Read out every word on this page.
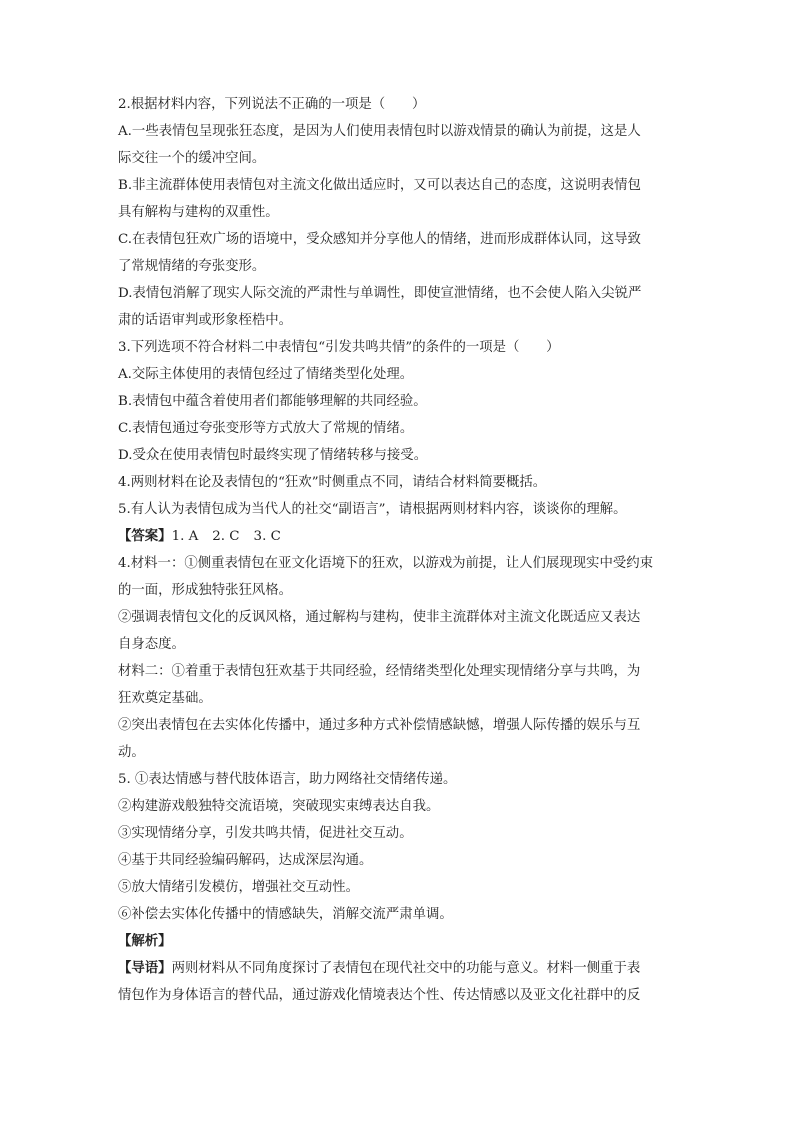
2.根据材料内容，下列说法不正确的一项是（　　）

A.一些表情包呈现张狂态度，是因为人们使用表情包时以游戏情景的确认为前提，这是人

际交往一个的缓冲空间。

B.非主流群体使用表情包对主流文化做出适应时，又可以表达自己的态度，这说明表情包

具有解构与建构的双重性。

C.在表情包狂欢广场的语境中，受众感知并分享他人的情绪，进而形成群体认同，这导致

了常规情绪的夸张变形。

D.表情包消解了现实人际交流的严肃性与单调性，即使宣泄情绪，也不会使人陷入尖锐严

肃的话语审判或形象桎梏中。

3.下列选项不符合材料二中表情包“引发共鸣共情”的条件的一项是（　　）

A.交际主体使用的表情包经过了情绪类型化处理。

B.表情包中蕴含着使用者们都能够理解的共同经验。

C.表情包通过夸张变形等方式放大了常规的情绪。

D.受众在使用表情包时最终实现了情绪转移与接受。

4.两则材料在论及表情包的“狂欢”时侧重点不同，请结合材料简要概括。

5.有人认为表情包成为当代人的社交“副语言”，请根据两则材料内容，谈谈你的理解。

【答案】1. A 2. C 3. C

4.材料一：①侧重表情包在亚文化语境下的狂欢，以游戏为前提，让人们展现现实中受约束

的一面，形成独特张狂风格。

②强调表情包文化的反讽风格，通过解构与建构，使非主流群体对主流文化既适应又表达

自身态度。

材料二：①着重于表情包狂欢基于共同经验，经情绪类型化处理实现情绪分享与共鸣，为

狂欢奠定基础。

②突出表情包在去实体化传播中，通过多种方式补偿情感缺憾，增强人际传播的娱乐与互

动。

5. ①表达情感与替代肢体语言，助力网络社交情绪传递。

②构建游戏般独特交流语境，突破现实束缚表达自我。

③实现情绪分享，引发共鸣共情，促进社交互动。

④基于共同经验编码解码，达成深层沟通。

⑤放大情绪引发模仿，增强社交互动性。

⑥补偿去实体化传播中的情感缺失，消解交流严肃单调。

【解析】

【导语】两则材料从不同角度探讨了表情包在现代社交中的功能与意义。材料一侧重于表

情包作为身体语言的替代品，通过游戏化情境表达个性、传达情感以及亚文化社群中的反
